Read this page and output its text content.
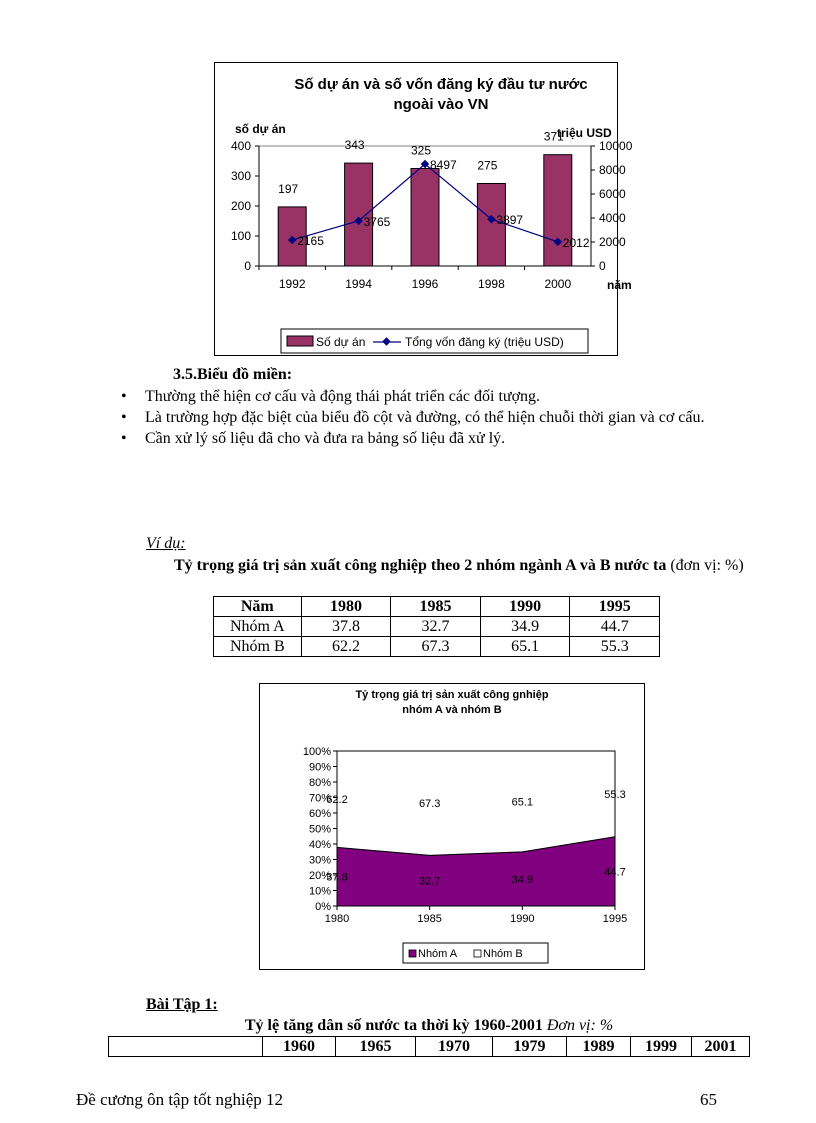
Số dự án và số vốn đăng ký đầu tư nước
ngoài vào VN
số dự án	triệu USD
năm
0
100
200
300
400
0
2000
4000
6000
8000
10000
1992	1994	1996	1998	2000
197
343	325
275
371
2165
3765
8497
3897
2012
Số dự án	Tổng vốn đăng ký (triệu USD)
3.5.Biểu đồ miền:
• Thường thể hiện cơ cấu và động thái phát triển các đối tượng.
• Là trường hợp đặc biệt của biểu đồ cột và đường, có thể hiện chuỗi thời gian và cơ cấu.
• Cần xử lý số liệu đã cho và đưa ra bảng số liệu đã xử lý.
Ví dụ:
Tỷ trọng giá trị sản xuất công nghiệp theo 2 nhóm ngành A và B nước ta (đơn vị: %)
Năm	1980	1985	1990	1995
Nhóm A	37.8	32.7	34.9	44.7
Nhóm B	62.2	67.3	65.1	55.3
Tỷ trọng giá trị sản xuất công gnhiệp
nhóm A và nhóm B
0%
10%
20%
30%
40%
50%
60%
70%
80%
90%
100%
1980	1985	1990	1995
37.8	32.7	34.9
44.7
62.2	67.3	65.1
55.3
Nhóm A Nhóm B
Bài Tập 1:
Tỷ lệ tăng dân số nước ta thời kỳ 1960-2001 Đơn vị: %
	1960	1965	1970	1979	1989	1999	2001
Đề cương ôn tập tốt nghiệp 12	65
